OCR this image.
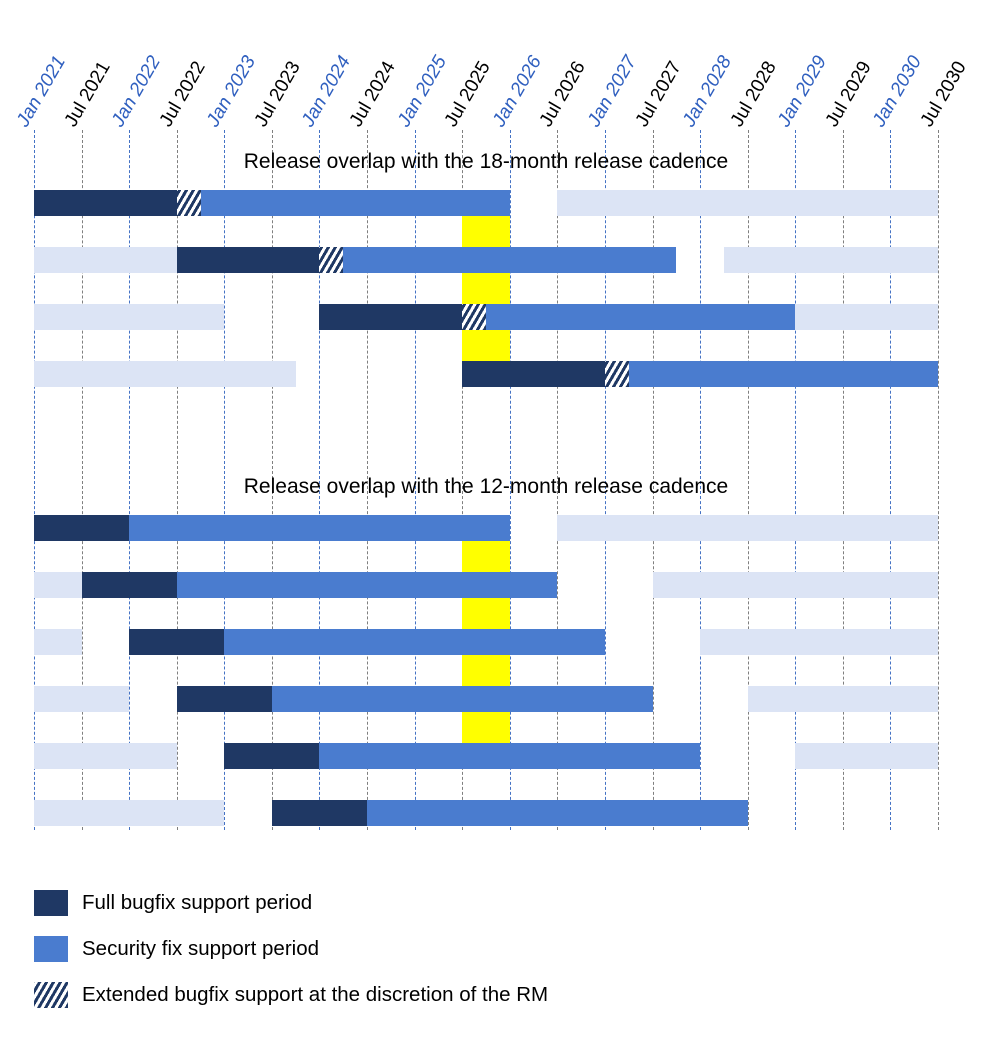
Jan 2021
Jul 2021
Jan 2022
Jul 2022
Jan 2023
Jul 2023
Jan 2024
Jul 2024
Jan 2025
Jul 2025
Jan 2026
Jul 2026
Jan 2027
Jul 2027
Jan 2028
Jul 2028
Jan 2029
Jul 2029
Jan 2030
Jul 2030
Release overlap with the 18-month release cadence
Release overlap with the 12-month release cadence
Full bugfix support period
Security fix support period
Extended bugfix support at the discretion of the RM
